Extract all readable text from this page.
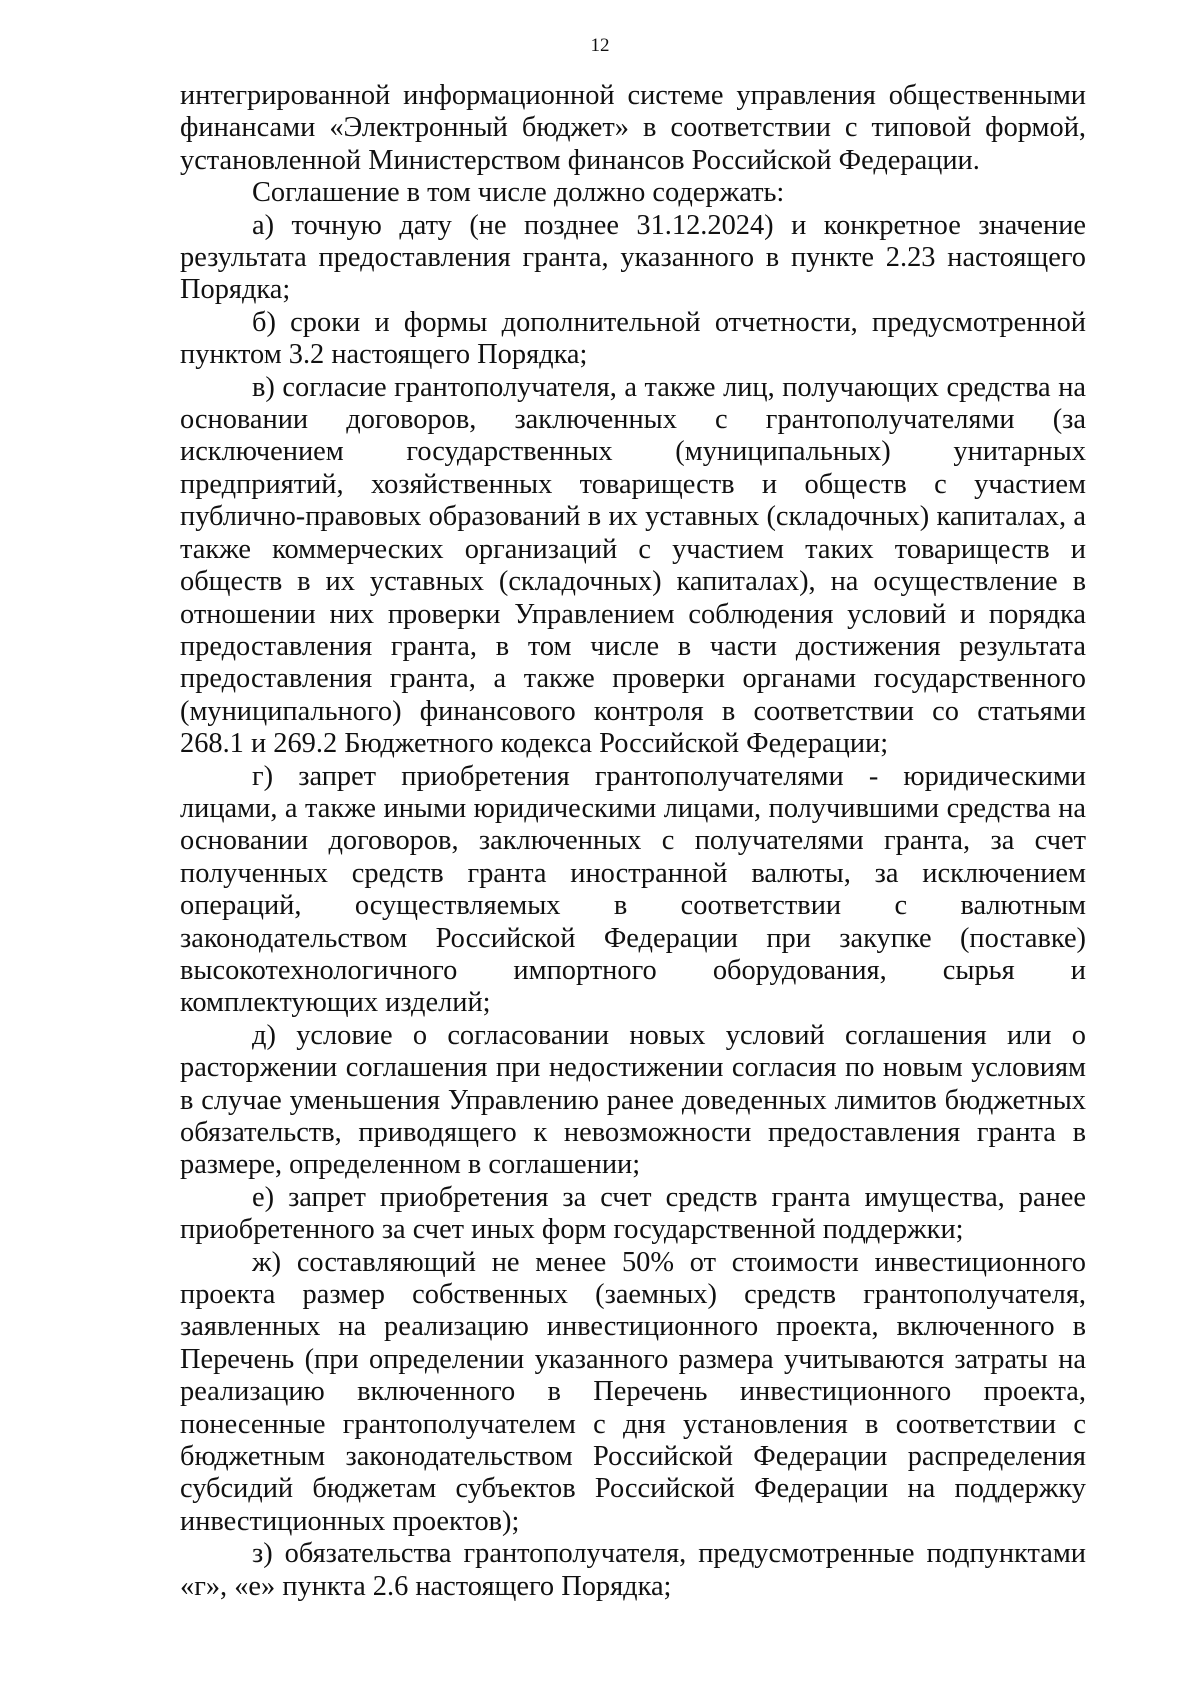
12

интегрированной информационной системе управления общественными финансами «Электронный бюджет» в соответствии с типовой формой, установленной Министерством финансов Российской Федерации.

Соглашение в том числе должно содержать:

а) точную дату (не позднее 31.12.2024) и конкретное значение результата предоставления гранта, указанного в пункте 2.23 настоящего Порядка;

б) сроки и формы дополнительной отчетности, предусмотренной пунктом 3.2 настоящего Порядка;

в) согласие грантополучателя, а также лиц, получающих средства на основании договоров, заключенных с грантополучателями (за исключением государственных (муниципальных) унитарных предприятий, хозяйственных товариществ и обществ с участием публично-правовых образований в их уставных (складочных) капиталах, а также коммерческих организаций с участием таких товариществ и обществ в их уставных (складочных) капиталах), на осуществление в отношении них проверки Управлением соблюдения условий и порядка предоставления гранта, в том числе в части достижения результата предоставления гранта, а также проверки органами государственного (муниципального) финансового контроля в соответствии со статьями 268.1 и 269.2 Бюджетного кодекса Российской Федерации;

г) запрет приобретения грантополучателями - юридическими лицами, а также иными юридическими лицами, получившими средства на основании договоров, заключенных с получателями гранта, за счет полученных средств гранта иностранной валюты, за исключением операций, осуществляемых в соответствии с валютным законодательством Российской Федерации при закупке (поставке) высокотехнологичного импортного оборудования, сырья и комплектующих изделий;

д) условие о согласовании новых условий соглашения или о расторжении соглашения при недостижении согласия по новым условиям в случае уменьшения Управлению ранее доведенных лимитов бюджетных обязательств, приводящего к невозможности предоставления гранта в размере, определенном в соглашении;

е) запрет приобретения за счет средств гранта имущества, ранее приобретенного за счет иных форм государственной поддержки;

ж) составляющий не менее 50% от стоимости инвестиционного проекта размер собственных (заемных) средств грантополучателя, заявленных на реализацию инвестиционного проекта, включенного в Перечень (при определении указанного размера учитываются затраты на реализацию включенного в Перечень инвестиционного проекта, понесенные грантополучателем с дня установления в соответствии с бюджетным законодательством Российской Федерации распределения субсидий бюджетам субъектов Российской Федерации на поддержку инвестиционных проектов);

з) обязательства грантополучателя, предусмотренные подпунктами «г», «е» пункта 2.6 настоящего Порядка;
